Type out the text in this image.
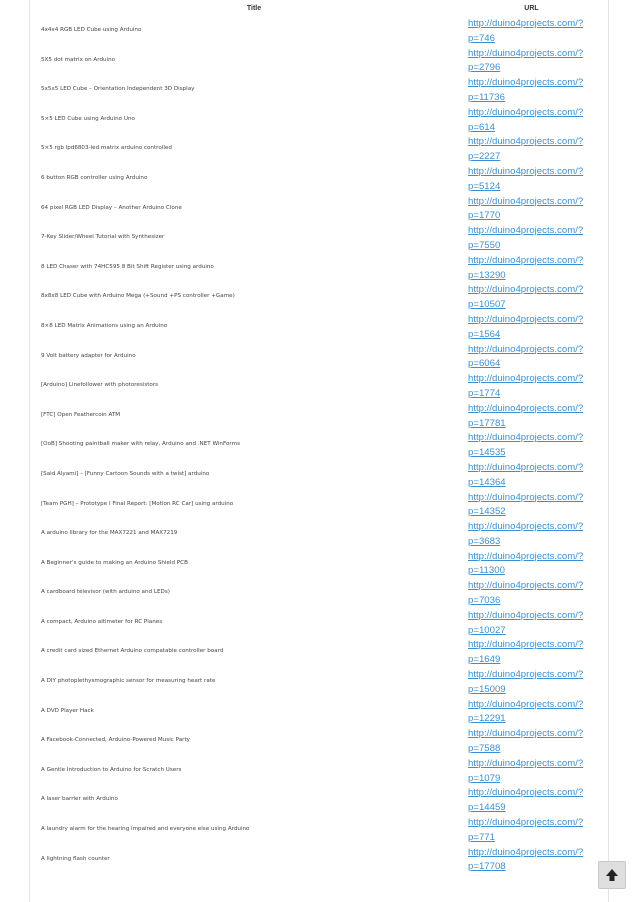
Title	URL
4x4x4 RGB LED Cube using Arduino
http://duino4projects.com/?
p=746
5X5 dot matrix on Arduino
http://duino4projects.com/?
p=2796
5x5x5 LED Cube – Orientation Independent 3D Display
http://duino4projects.com/?
p=11736
5×5 LED Cube using Arduino Uno
http://duino4projects.com/?
p=614
5×5 rgb lpd6803-led matrix arduino controlled
http://duino4projects.com/?
p=2227
6 button RGB controller using Arduino
http://duino4projects.com/?
p=5124
64 pixel RGB LED Display – Another Arduino Clone
http://duino4projects.com/?
p=1770
7-Key Slider/Wheel Tutorial with Synthesizer
http://duino4projects.com/?
p=7550
8 LED Chaser with 74HC595 8 Bit Shift Register using arduino
http://duino4projects.com/?
p=13290
8x8x8 LED Cube with Arduino Mega (+Sound +PS controller +Game)
http://duino4projects.com/?
p=10507
8×8 LED Matrix Animations using an Arduino
http://duino4projects.com/?
p=1564
9 Volt battery adapter for Arduino
http://duino4projects.com/?
p=6064
[Arduino] Linefollower with photoresistors
http://duino4projects.com/?
p=1774
[FTC] Open Feathercoin ATM
http://duino4projects.com/?
p=17781
[OoB] Shooting paintball maker with relay, Arduino and .NET WinForms
http://duino4projects.com/?
p=14535
[Said Alyami] – [Funny Cartoon Sounds with a twist] arduino
http://duino4projects.com/?
p=14364
[Team PGH] – Prototype I Final Report: [Motion RC Car] using arduino
http://duino4projects.com/?
p=14352
A arduino library for the MAX7221 and MAX7219
http://duino4projects.com/?
p=3683
A Beginner’s guide to making an Arduino Shield PCB
http://duino4projects.com/?
p=11300
A cardboard televisor (with arduino and LEDs)
http://duino4projects.com/?
p=7036
A compact, Arduino altimeter for RC Planes
http://duino4projects.com/?
p=10027
A credit card sized Ethernet Arduino compatable controller board
http://duino4projects.com/?
p=1649
A DIY photoplethysmographic sensor for measuring heart rate
http://duino4projects.com/?
p=15009
A DVD Player Hack
http://duino4projects.com/?
p=12291
A Facebook-Connected, Arduino-Powered Music Party
http://duino4projects.com/?
p=7588
A Gentle Introduction to Arduino for Scratch Users
http://duino4projects.com/?
p=1079
A laser barrier with Arduino
http://duino4projects.com/?
p=14459
A laundry alarm for the hearing impaired and everyone else using Arduino
http://duino4projects.com/?
p=771
A lightning flash counter
http://duino4projects.com/?
p=17708
